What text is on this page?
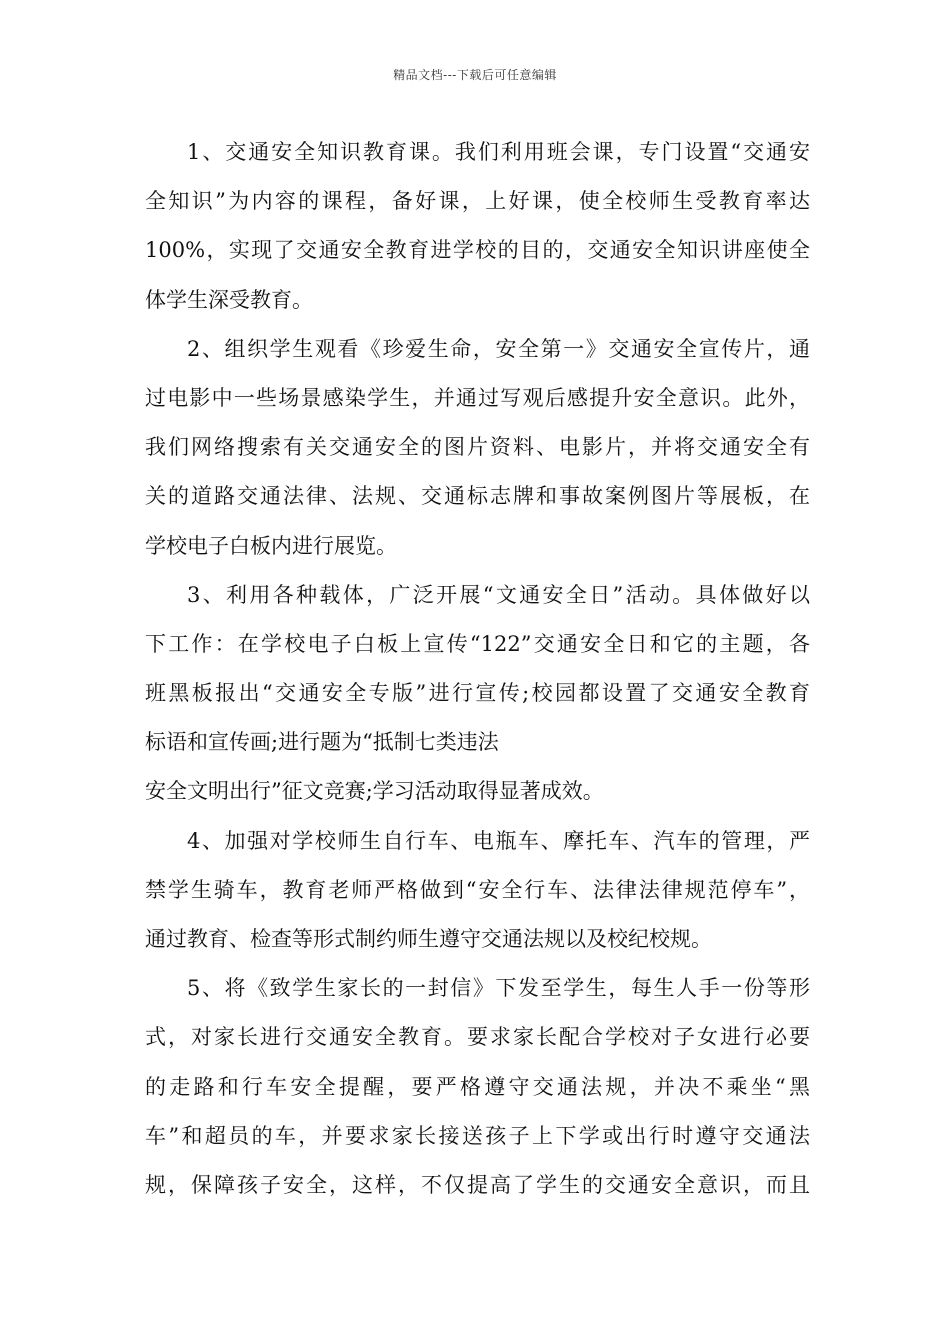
精品文档---下载后可任意编辑
1、交通安全知识教育课。我们利用班会课，专门设置“交通安
全知识”为内容的课程，备好课，上好课，使全校师生受教育率达
100%，实现了交通安全教育进学校的目的，交通安全知识讲座使全
体学生深受教育。
2、组织学生观看《珍爱生命，安全第一》交通安全宣传片，通
过电影中一些场景感染学生，并通过写观后感提升安全意识。此外，
我们网络搜索有关交通安全的图片资料、电影片，并将交通安全有
关的道路交通法律、法规、交通标志牌和事故案例图片等展板，在
学校电子白板内进行展览。
3、利用各种载体，广泛开展“文通安全日”活动。具体做好以
下工作：在学校电子白板上宣传“122”交通安全日和它的主题，各
班黑板报出“交通安全专版”进行宣传;校园都设置了交通安全教育
标语和宣传画;进行题为“抵制七类违法
安全文明出行”征文竞赛;学习活动取得显著成效。
4、加强对学校师生自行车、电瓶车、摩托车、汽车的管理，严
禁学生骑车，教育老师严格做到“安全行车、法律法律规范停车”，
通过教育、检查等形式制约师生遵守交通法规以及校纪校规。
5、将《致学生家长的一封信》下发至学生，每生人手一份等形
式，对家长进行交通安全教育。要求家长配合学校对子女进行必要
的走路和行车安全提醒，要严格遵守交通法规，并决不乘坐“黑
车”和超员的车，并要求家长接送孩子上下学或出行时遵守交通法
规，保障孩子安全，这样，不仅提高了学生的交通安全意识，而且
